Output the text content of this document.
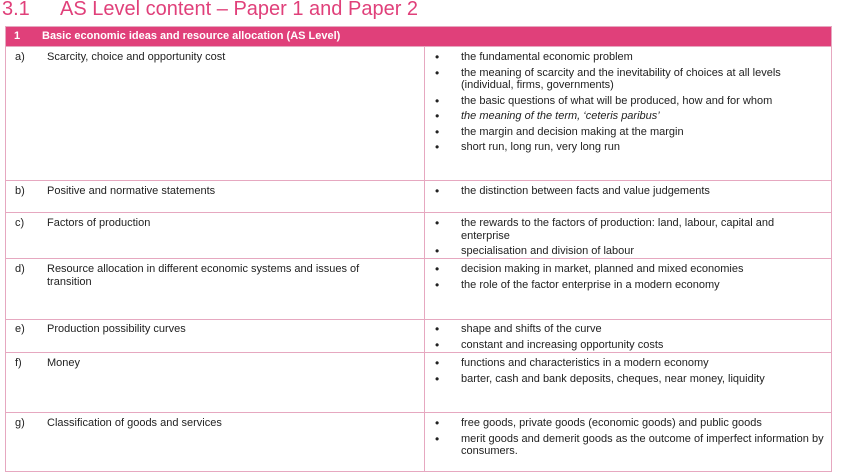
3.1 AS Level content – Paper 1 and Paper 2
1 Basic economic ideas and resource allocation (AS Level)
a) Scarcity, choice and opportunity cost	• the fundamental economic problem
• the meaning of scarcity and the inevitability of choices at all levels (individual, firms, governments)
• the basic questions of what will be produced, how and for whom
• the meaning of the term, ‘ceteris paribus’
• the margin and decision making at the margin
• short run, long run, very long run
b) Positive and normative statements	• the distinction between facts and value judgements
c) Factors of production	• the rewards to the factors of production: land, labour, capital and enterprise
• specialisation and division of labour
d) Resource allocation in different economic systems and issues of transition
• decision making in market, planned and mixed economies
• the role of the factor enterprise in a modern economy
e) Production possibility curves	• shape and shifts of the curve
• constant and increasing opportunity costs
f) Money	• functions and characteristics in a modern economy
• barter, cash and bank deposits, cheques, near money, liquidity
g) Classification of goods and services	• free goods, private goods (economic goods) and public goods
• merit goods and demerit goods as the outcome of imperfect information by consumers.
